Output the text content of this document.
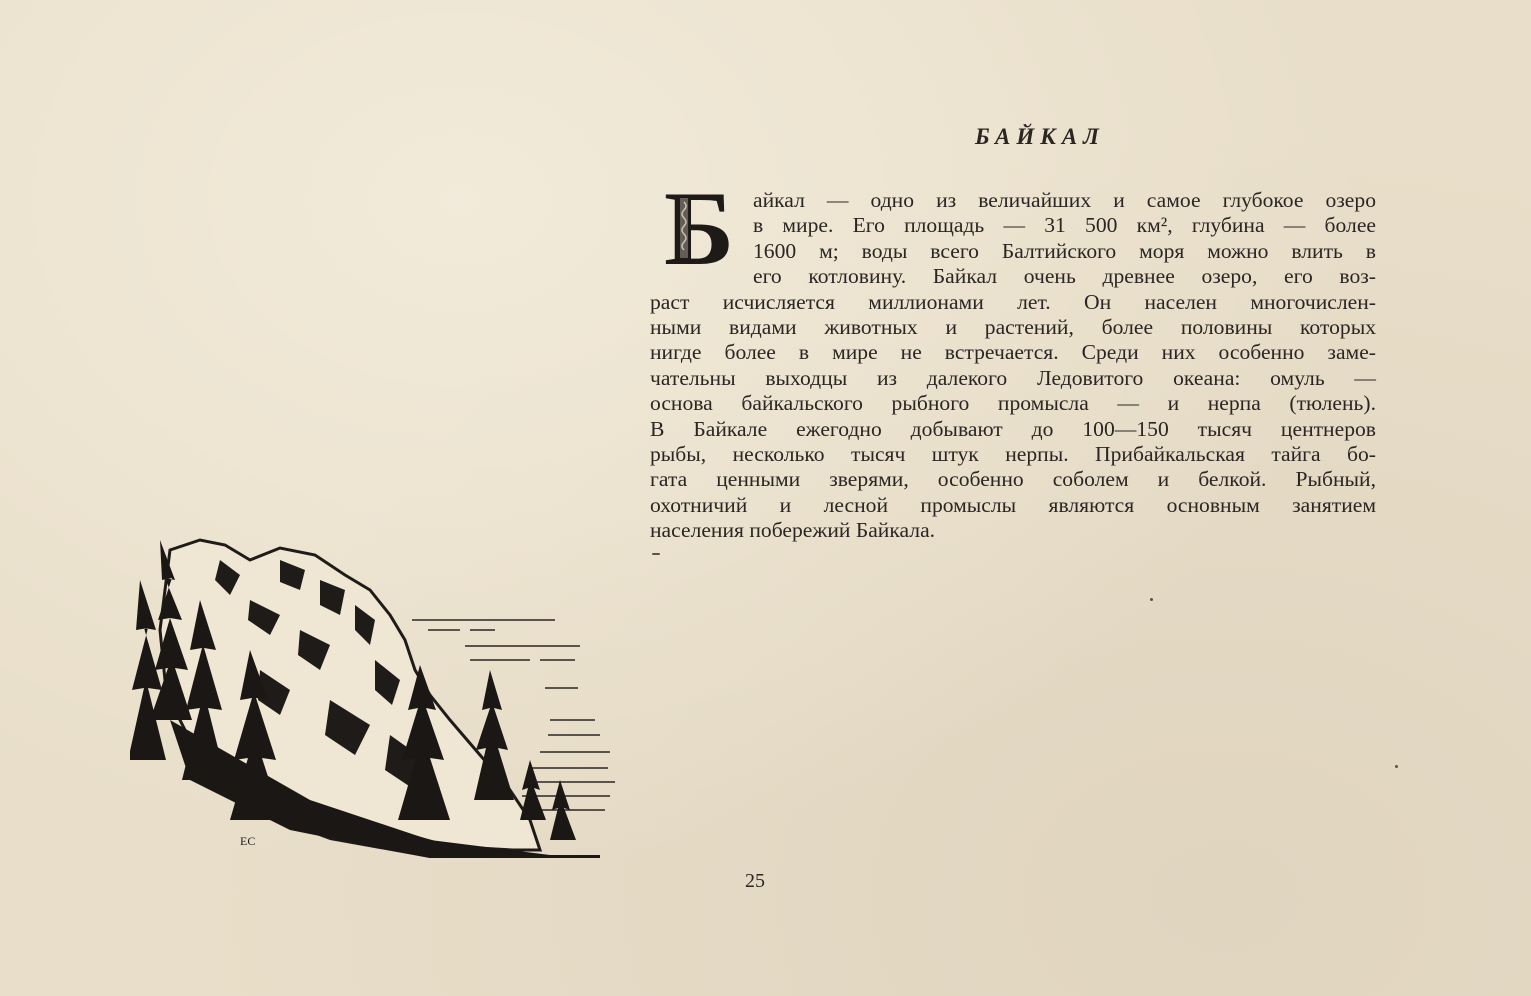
БАЙКАЛ
Б айкал — одно из величайших и самое глубокое озеро
в мире. Его площадь — 31 500 км², глубина — более
1600 м; воды всего Балтийского моря можно влить в
его котловину. Байкал очень древнее озеро, его воз-
раст исчисляется миллионами лет. Он населен многочислен-
ными видами животных и растений, более половины которых
нигде более в мире не встречается. Среди них особенно заме-
чательны выходцы из далекого Ледовитого океана: омуль —
основа байкальского рыбного промысла — и нерпа (тюлень).
В Байкале ежегодно добывают до 100—150 тысяч центнеров
рыбы, несколько тысяч штук нерпы. Прибайкальская тайга бо-
гата ценными зверями, особенно соболем и белкой. Рыбный,
охотничий и лесной промыслы являются основным занятием
населения побережий Байкала.
ЕС
25
